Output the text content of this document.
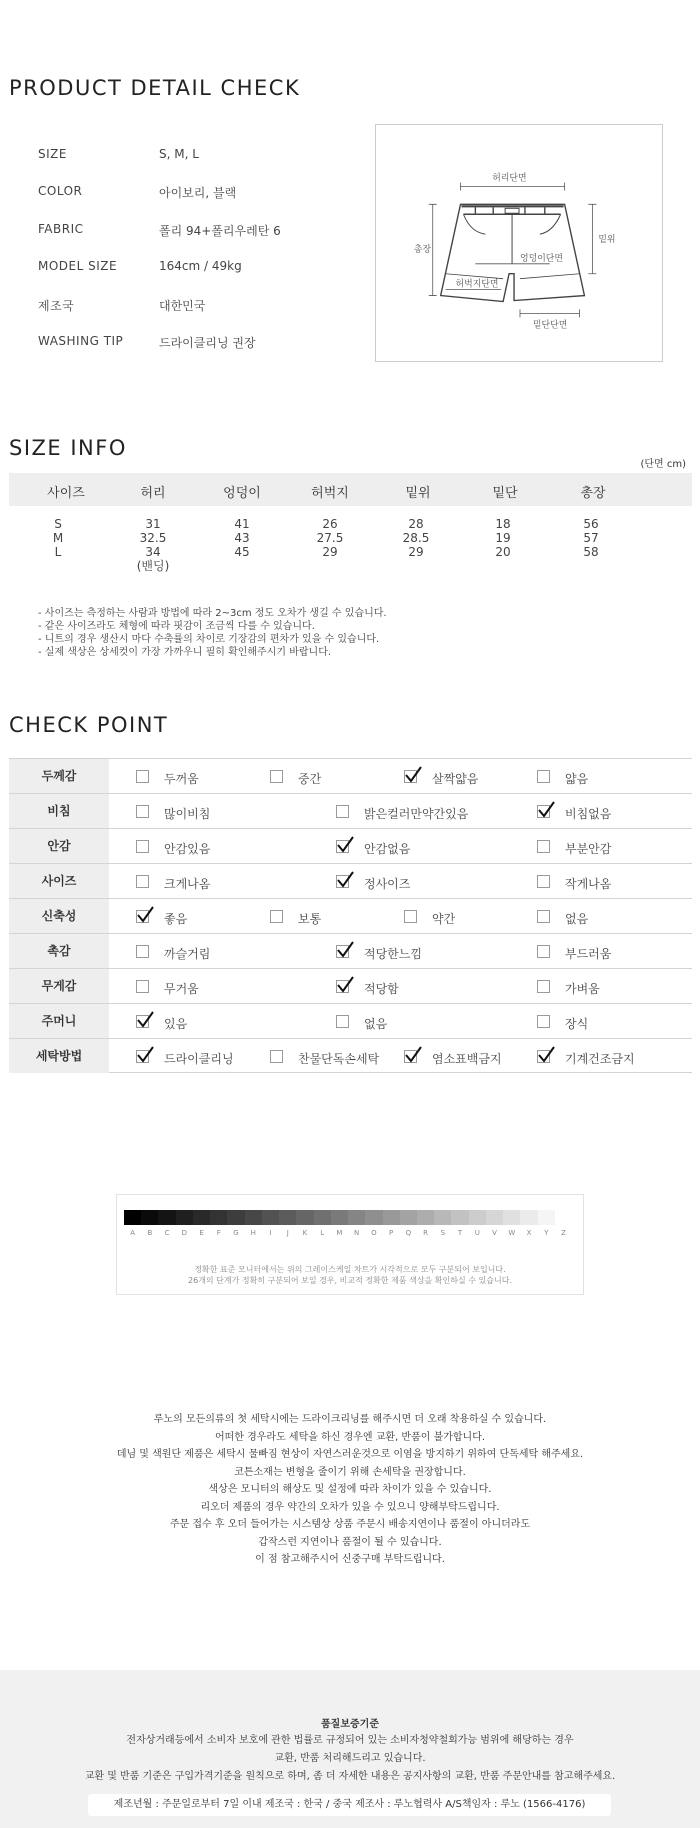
PRODUCT DETAIL CHECK
SIZE	S, M, L
COLOR	아이보리, 블랙
FABRIC	폴리 94+폴리우레탄 6
MODEL SIZE	164cm / 49kg
제조국	대한민국
WASHING TIP	드라이클리닝 권장
허리단면
총장
밑위
엉덩이단면
허벅지단면
밑단단면
SIZE INFO
(단면 cm)
사이즈	허리	엉덩이	허벅지	밑위	밑단	총장
S	31	41	26	28	18	56
M	32.5	43	27.5	28.5	19	57
L	34	45	29	29	20	58
(밴딩)
- 사이즈는 측정하는 사람과 방법에 따라 2~3cm 정도 오차가 생길 수 있습니다.
- 같은 사이즈라도 체형에 따라 핏감이 조금씩 다를 수 있습니다.
- 니트의 경우 생산시 마다 수축률의 차이로 기장감의 편차가 있을 수 있습니다.
- 실제 색상은 상세컷이 가장 가까우니 필히 확인해주시기 바랍니다.
CHECK POINT
두께감	두꺼움	중간	살짝얇음	얇음
비침	많이비침	밝은컬러만약간있음	비침없음
안감	안감있음	안감없음	부분안감
사이즈	크게나옴	정사이즈	작게나옴
신축성	좋음	보통	약간	없음
촉감	까슬거림	적당한느낌	부드러움
무게감	무거움	적당함	가벼움
주머니	있음	없음	장식
세탁방법	드라이클리닝	찬물단독손세탁	염소표백금지	기계건조금지
A	B	C	D	E	F	G	H	I	J	K	L	M	N	O	P	Q	R	S	T	U	V	W	X	Y	Z
정확한 표준 모니터에서는 위의 그레이스케일 차트가 시각적으로 모두 구분되어 보입니다.
26개의 단계가 정확히 구분되어 보일 경우, 비교적 정확한 제품 색상을 확인하실 수 있습니다.
루노의 모든의류의 첫 세탁시에는 드라이크리닝를 해주시면 더 오래 착용하실 수 있습니다.
어떠한 경우라도 세탁을 하신 경우엔 교환, 반품이 불가합니다.
데님 및 색원단 제품은 세탁시 물빠짐 현상이 자연스러운것으로 이염을 방지하기 위하여 단독세탁 해주세요.
코튼소재는 변형을 줄이기 위해 손세탁을 권장합니다.
색상은 모니터의 해상도 및 설정에 따라 차이가 있을 수 있습니다.
리오더 제품의 경우 약간의 오차가 있을 수 있으니 양해부탁드립니다.
주문 접수 후 오더 들어가는 시스템상 상품 주문시 배송지연이나 품절이 아니더라도
갑작스런 지연이나 품절이 될 수 있습니다.
이 점 참고해주시어 신중구매 부탁드립니다.
품질보증기준
전자상거래등에서 소비자 보호에 관한 법률로 규정되어 있는 소비자청약철회가능 범위에 해당하는 경우
교환, 반품 처리해드리고 있습니다.
교환 및 반품 기준은 구입가격기준을 원칙으로 하며, 좀 더 자세한 내용은 공지사항의 교환, 반품 주문안내를 참고해주세요.
제조년월 : 주문일로부터 7일 이내 제조국 : 한국 / 중국 제조사 : 루노협력사 A/S책임자 : 루노 (1566-4176)
